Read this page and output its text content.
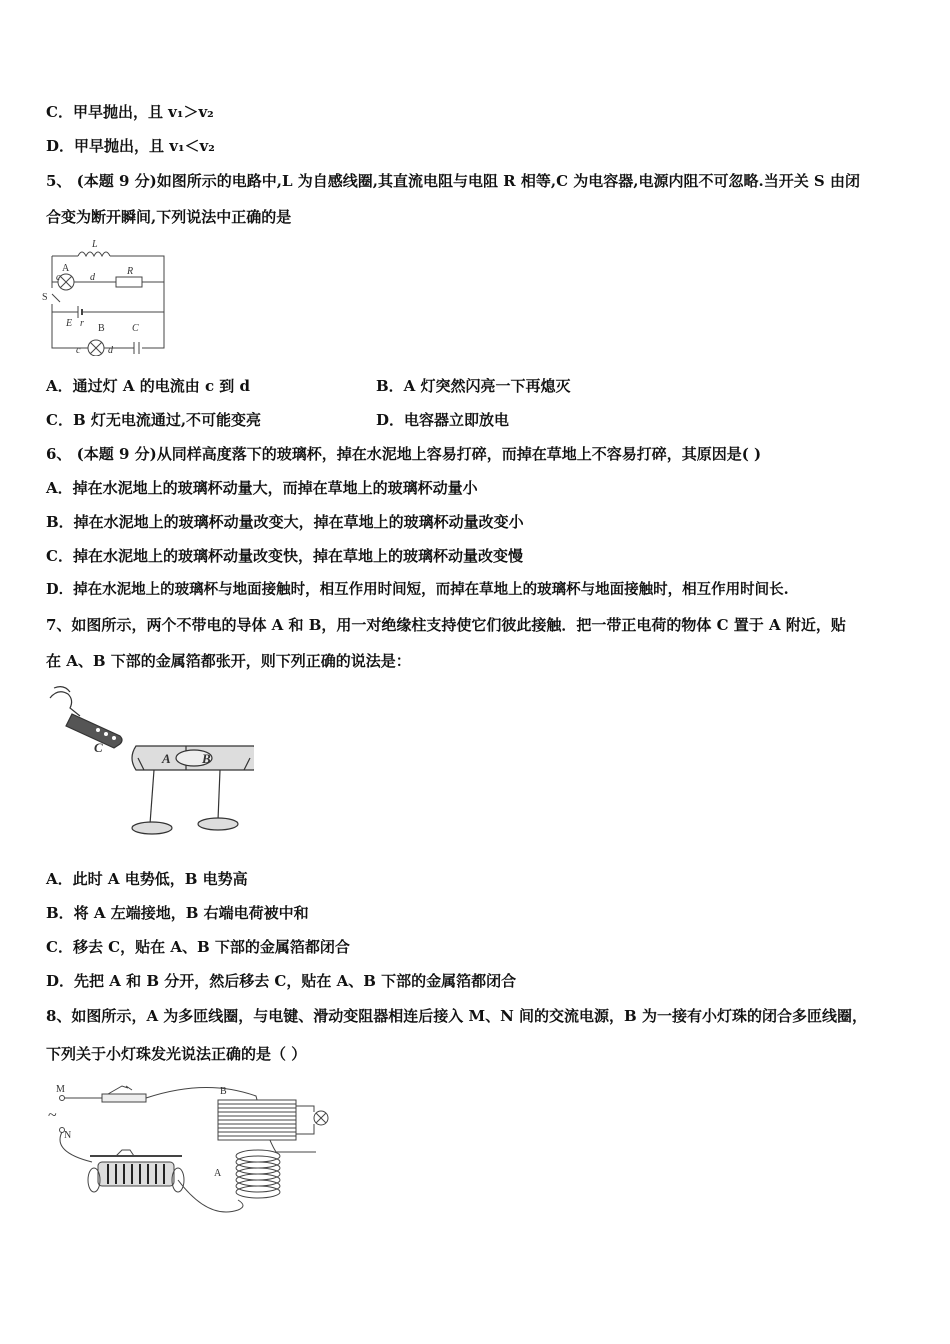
C．甲早抛出，且 v₁＞v₂
D．甲早抛出，且 v₁＜v₂
5、 (本题 9 分)如图所示的电路中,L 为自感线圈,其直流电阻与电阻 R 相等,C 为电容器,电源内阻不可忽略.当开关 S 由闭
合变为断开瞬间,下列说法中正确的是
L
A
c	d
R
S
E r B	C
c	d
A．通过灯 A 的电流由 c 到 d	B．A 灯突然闪亮一下再熄灭
C．B 灯无电流通过,不可能变亮	D．电容器立即放电
6、 (本题 9 分)从同样高度落下的玻璃杯，掉在水泥地上容易打碎，而掉在草地上不容易打碎，其原因是( )
A．掉在水泥地上的玻璃杯动量大，而掉在草地上的玻璃杯动量小
B．掉在水泥地上的玻璃杯动量改变大，掉在草地上的玻璃杯动量改变小
C．掉在水泥地上的玻璃杯动量改变快，掉在草地上的玻璃杯动量改变慢
D．掉在水泥地上的玻璃杯与地面接触时，相互作用时间短，而掉在草地上的玻璃杯与地面接触时，相互作用时间长.
7、如图所示，两个不带电的导体 A 和 B，用一对绝缘柱支持使它们彼此接触．把一带正电荷的物体 C 置于 A 附近，贴
在 A、B 下部的金属箔都张开，则下列正确的说法是：
C
A B
A．此时 A 电势低，B 电势高
B．将 A 左端接地，B 右端电荷被中和
C．移去 C，贴在 A、B 下部的金属箔都闭合
D．先把 A 和 B 分开，然后移去 C，贴在 A、B 下部的金属箔都闭合
8、如图所示，A 为多匝线圈，与电键、滑动变阻器相连后接入 M、N 间的交流电源，B 为一接有小灯珠的闭合多匝线圈，
下列关于小灯珠发光说法正确的是（ ）
M
~
N
B
A
